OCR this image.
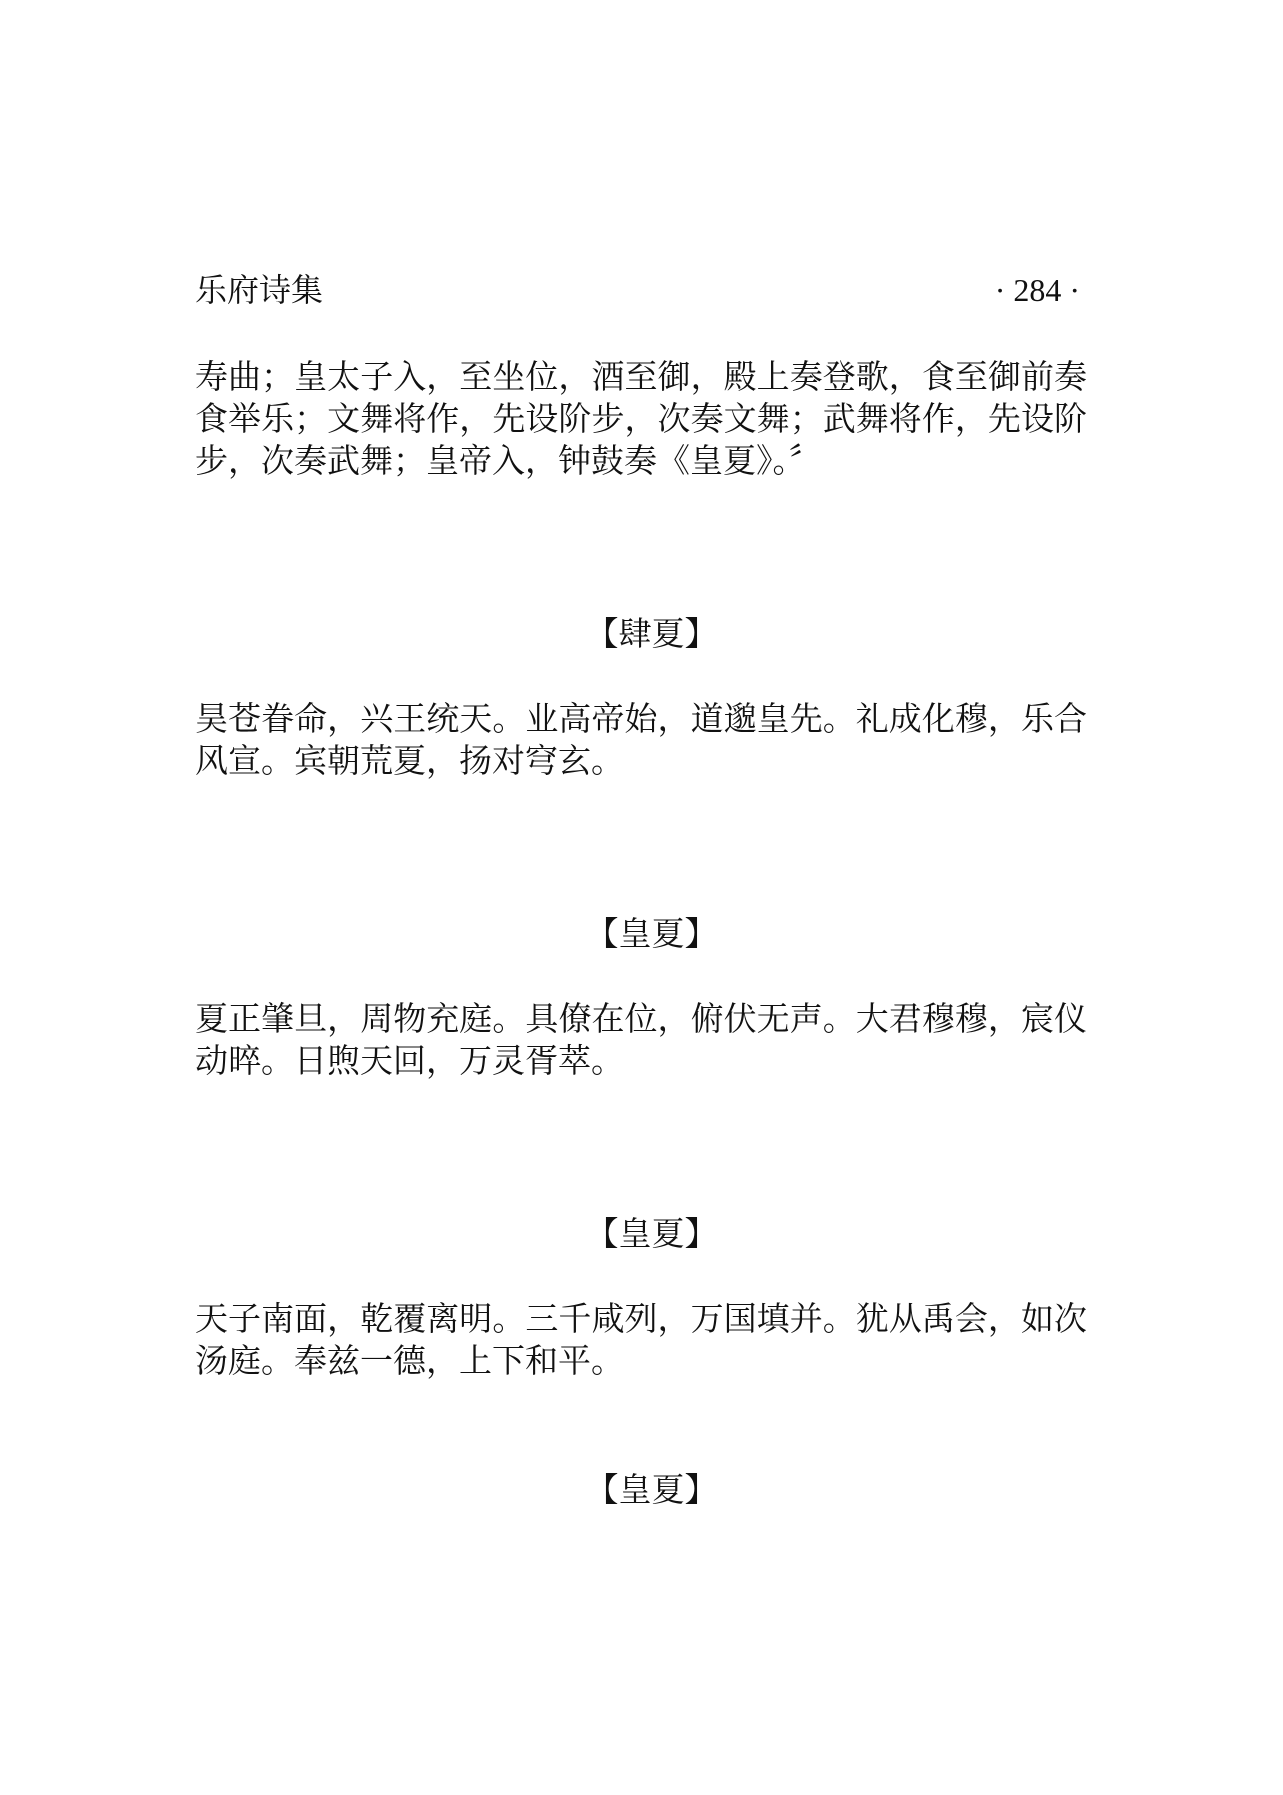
乐府诗集	· 284 ·
寿曲；皇太子入，至坐位，酒至御，殿上奏登歌，食至御前奏食举乐；文舞将作，先设阶步，次奏文舞；武舞将作，先设阶步，次奏武舞；皇帝入，钟鼓奏《皇夏》。〞
【肆夏】
昊苍眷命，兴王统天。业高帝始，道邈皇先。礼成化穆，乐合风宣。宾朝荒夏，扬对穹玄。
【皇夏】
夏正肇旦，周物充庭。具僚在位，俯伏无声。大君穆穆，宸仪动晬。日煦天回，万灵胥萃。
【皇夏】
天子南面，乾覆离明。三千咸列，万国填并。犹从禹会，如次汤庭。奉兹一德，上下和平。
【皇夏】
